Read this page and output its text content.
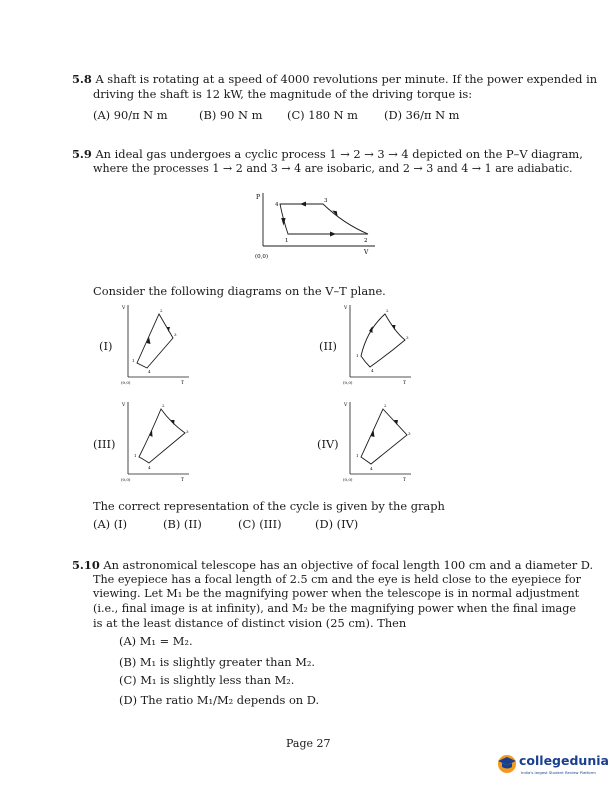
5.8 A shaft is rotating at a speed of 4000 revolutions per minute. If the power expended in
driving the shaft is 12 kW, the magnitude of the driving torque is:
(A) 90/π N m	(B) 90 N m (C) 180 N m (D) 36/π N m
5.9 An ideal gas undergoes a cyclic process 1 → 2 → 3 → 4 depicted on the P–V diagram,
where the processes 1 → 2 and 3 → 4 are isobaric, and 2 → 3 and 4 → 1 are adiabatic.
P
V
(0,0)
1	2
3
4
Consider the following diagrams on the V–T plane.
(I)
V
T
(0,0)
1
2
3
4
(II)
V
T
(0,0)
1
2
3
4
(III)
V
T
(0,0)
1
2
3
4
(IV)
V
T
(0,0)
1
2
3
4
The correct representation of the cycle is given by the graph
(A) (I)	(B) (II)	(C) (III)	(D) (IV)
5.10 An astronomical telescope has an objective of focal length 100 cm and a diameter D.
The eyepiece has a focal length of 2.5 cm and the eye is held close to the eyepiece for
viewing. Let M₁ be the magnifying power when the telescope is in normal adjustment
(i.e., final image is at infinity), and M₂ be the magnifying power when the final image
is at the least distance of distinct vision (25 cm). Then
(A) M₁ = M₂.
(B) M₁ is slightly greater than M₂.
(C) M₁ is slightly less than M₂.
(D) The ratio M₁/M₂ depends on D.
Page 27
collegedunia
India's largest Student Review Platform
